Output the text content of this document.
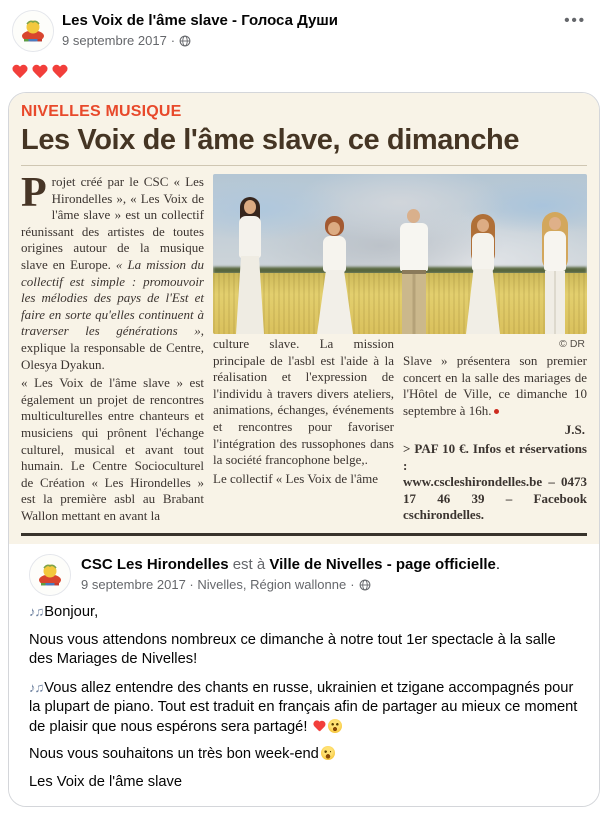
Les Voix de l'âme slave - Голоса Души
9 septembre 2017 ·
•••
NIVELLES MUSIQUE
Les Voix de l'âme slave, ce dimanche

Projet créé par le CSC « Les Hirondelles », « Les Voix de l'âme slave » est un collectif réunissant des artistes de toutes origines autour de la musique slave en Europe. « La mission du collectif est simple : promouvoir les mélodies des pays de l'Est et faire en sorte qu'elles continuent à traverser les générations », explique la responsable de Centre, Olesya Dyakun.

« Les Voix de l'âme slave » est également un projet de rencontres multiculturelles entre chanteurs et musiciens qui prônent l'échange culturel, musical et avant tout humain. Le Centre Socioculturel de Création « Les Hirondelles » est la première asbl au Brabant Wallon mettant en avant la

culture slave. La mission principale de l'asbl est l'aide à la réalisation et l'expression de l'individu à travers divers ateliers, animations, échanges, événements et rencontres pour favoriser l'intégration des russophones dans la société francophone belge,.

Le collectif « Les Voix de l'âme

© DR

Slave » présentera son premier concert en la salle des mariages de l'Hôtel de Ville, ce dimanche 10 septembre à 16h.

J.S.
> PAF 10 €. Infos et réservations :
www.cscleshirondelles.be – 0473 17 46 39 – Facebook cschirondelles.
CSC Les Hirondelles est à Ville de Nivelles - page officielle.
9 septembre 2017 · Nivelles, Région wallonne ·

♪♫Bonjour,

Nous vous attendons nombreux ce dimanche à notre tout 1er spectacle à la salle des Mariages de Nivelles!

♪♫Vous allez entendre des chants en russe, ukrainien et tzigane accompagnés pour la plupart de piano. Tout est traduit en français afin de partager au mieux ce moment de plaisir que nous espérons sera partagé!

Nous vous souhaitons un très bon week-end

Les Voix de l'âme slave
